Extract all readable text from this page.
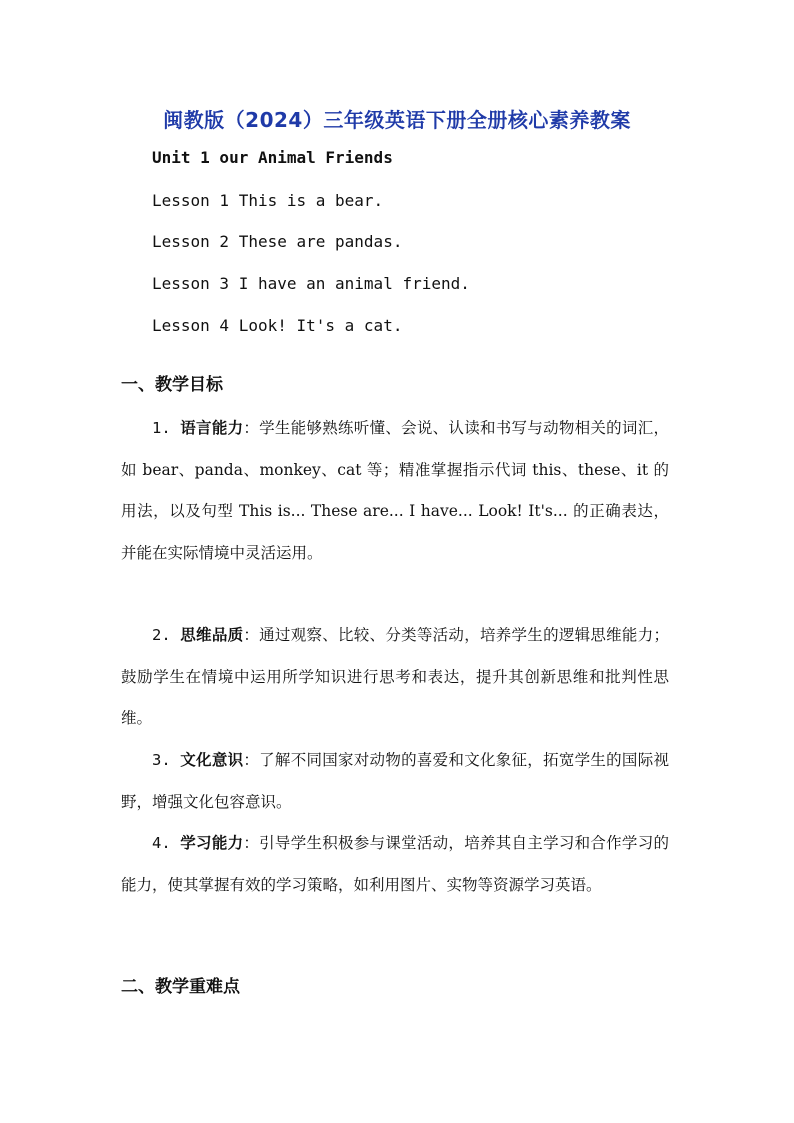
闽教版（2024）三年级英语下册全册核心素养教案
Unit 1 our Animal Friends
Lesson 1 This is a bear.
Lesson 2 These are pandas.
Lesson 3 I have an animal friend.
Lesson 4 Look! It's a cat.
一、教学目标
1. 语言能力：学生能够熟练听懂、会说、认读和书写与动物相关的词汇，如 bear、panda、monkey、cat 等；精准掌握指示代词 this、these、it 的用法，以及句型 This is... These are... I have... Look! It's... 的正确表达，并能在实际情境中灵活运用。
2. 思维品质：通过观察、比较、分类等活动，培养学生的逻辑思维能力；鼓励学生在情境中运用所学知识进行思考和表达，提升其创新思维和批判性思维。
3. 文化意识：了解不同国家对动物的喜爱和文化象征，拓宽学生的国际视野，增强文化包容意识。
4. 学习能力：引导学生积极参与课堂活动，培养其自主学习和合作学习的能力，使其掌握有效的学习策略，如利用图片、实物等资源学习英语。
二、教学重难点
